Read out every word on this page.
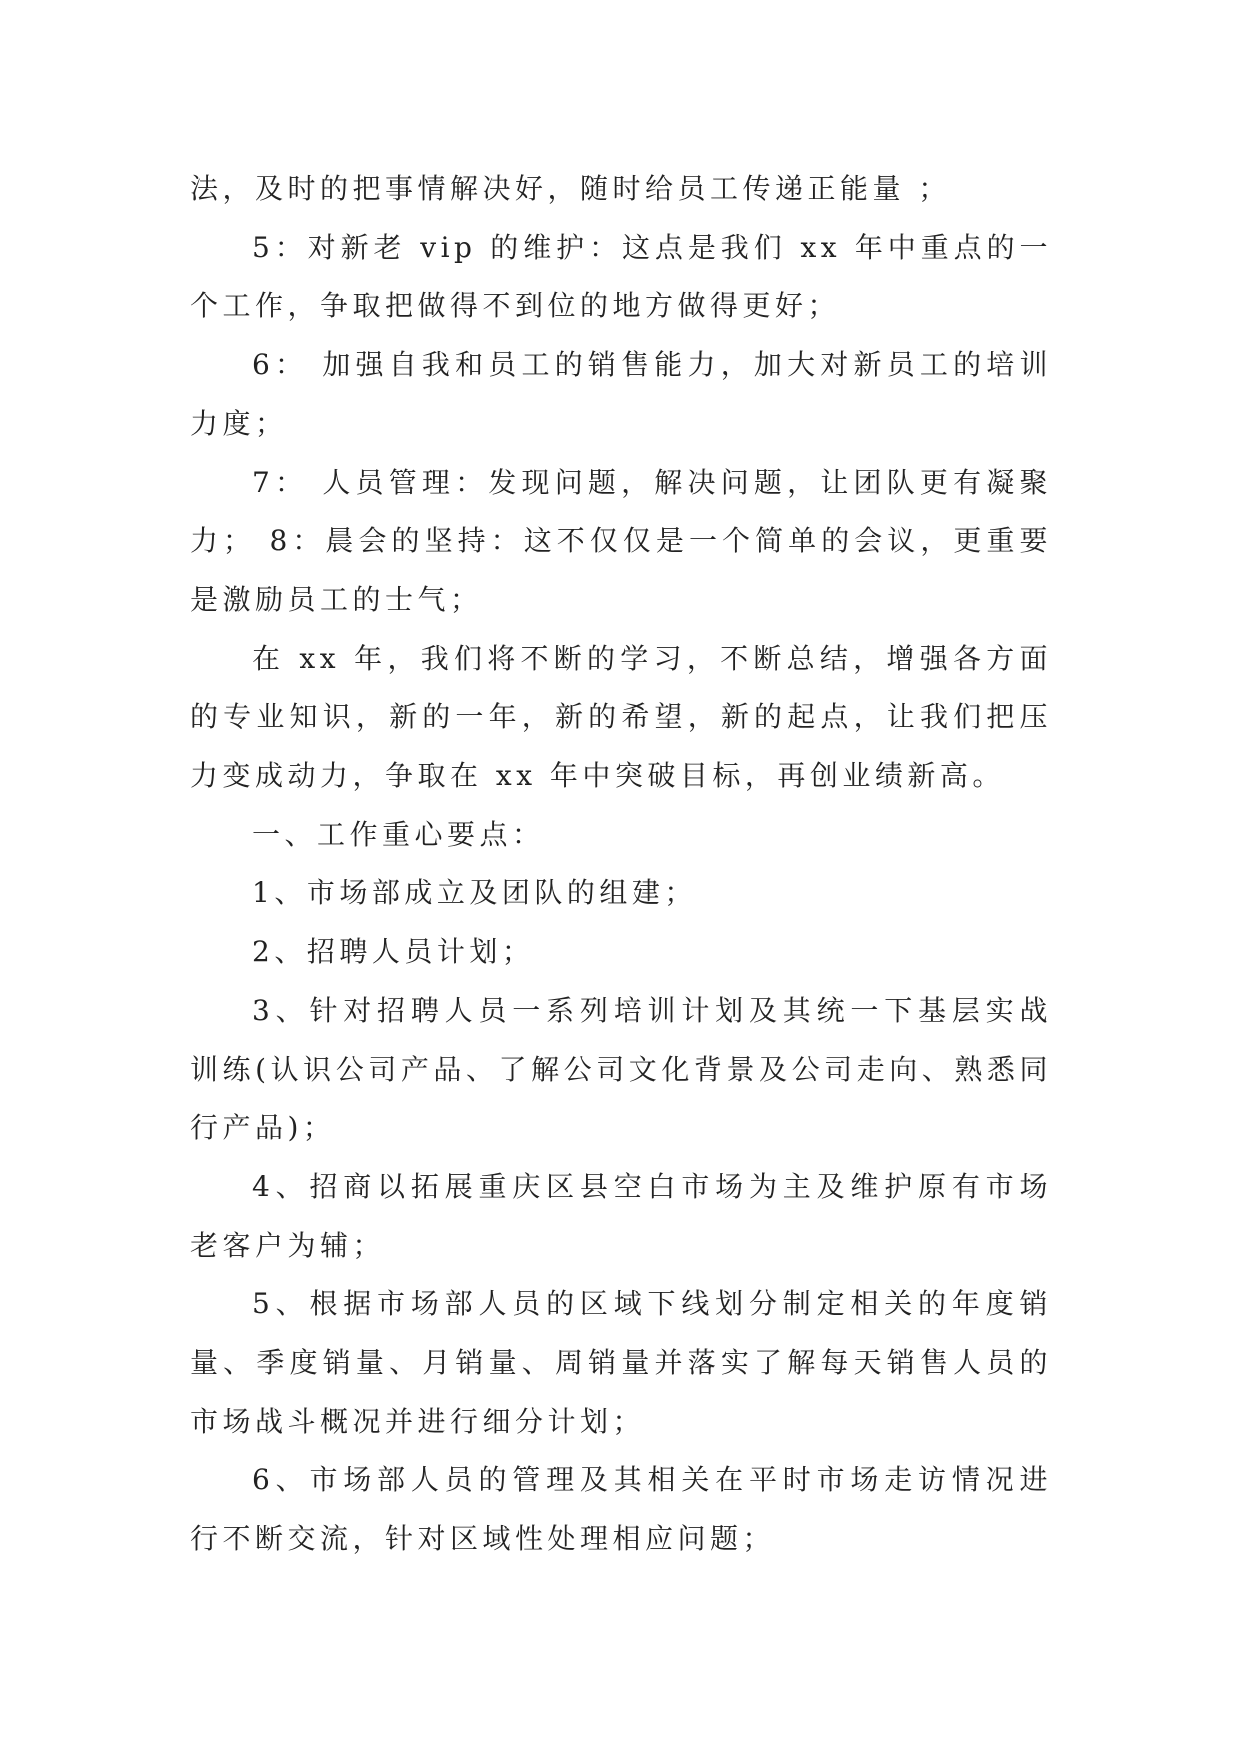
法，及时的把事情解决好，随时给员工传递正能量 ；

5：对新老 vip 的维护：这点是我们 xx 年中重点的一个工作，争取把做得不到位的地方做得更好；

6： 加强自我和员工的销售能力，加大对新员工的培训力度；

7： 人员管理：发现问题，解决问题，让团队更有凝聚力； 8：晨会的坚持：这不仅仅是一个简单的会议，更重要是激励员工的士气；

在 xx 年，我们将不断的学习，不断总结，增强各方面的专业知识，新的一年，新的希望，新的起点，让我们把压力变成动力，争取在 xx 年中突破目标，再创业绩新高。

一、工作重心要点：

1、市场部成立及团队的组建；

2、招聘人员计划；

3、针对招聘人员一系列培训计划及其统一下基层实战训练(认识公司产品、了解公司文化背景及公司走向、熟悉同行产品)；

4、招商以拓展重庆区县空白市场为主及维护原有市场老客户为辅；

5、根据市场部人员的区域下线划分制定相关的年度销量、季度销量、月销量、周销量并落实了解每天销售人员的市场战斗概况并进行细分计划；

6、市场部人员的管理及其相关在平时市场走访情况进行不断交流，针对区域性处理相应问题；
